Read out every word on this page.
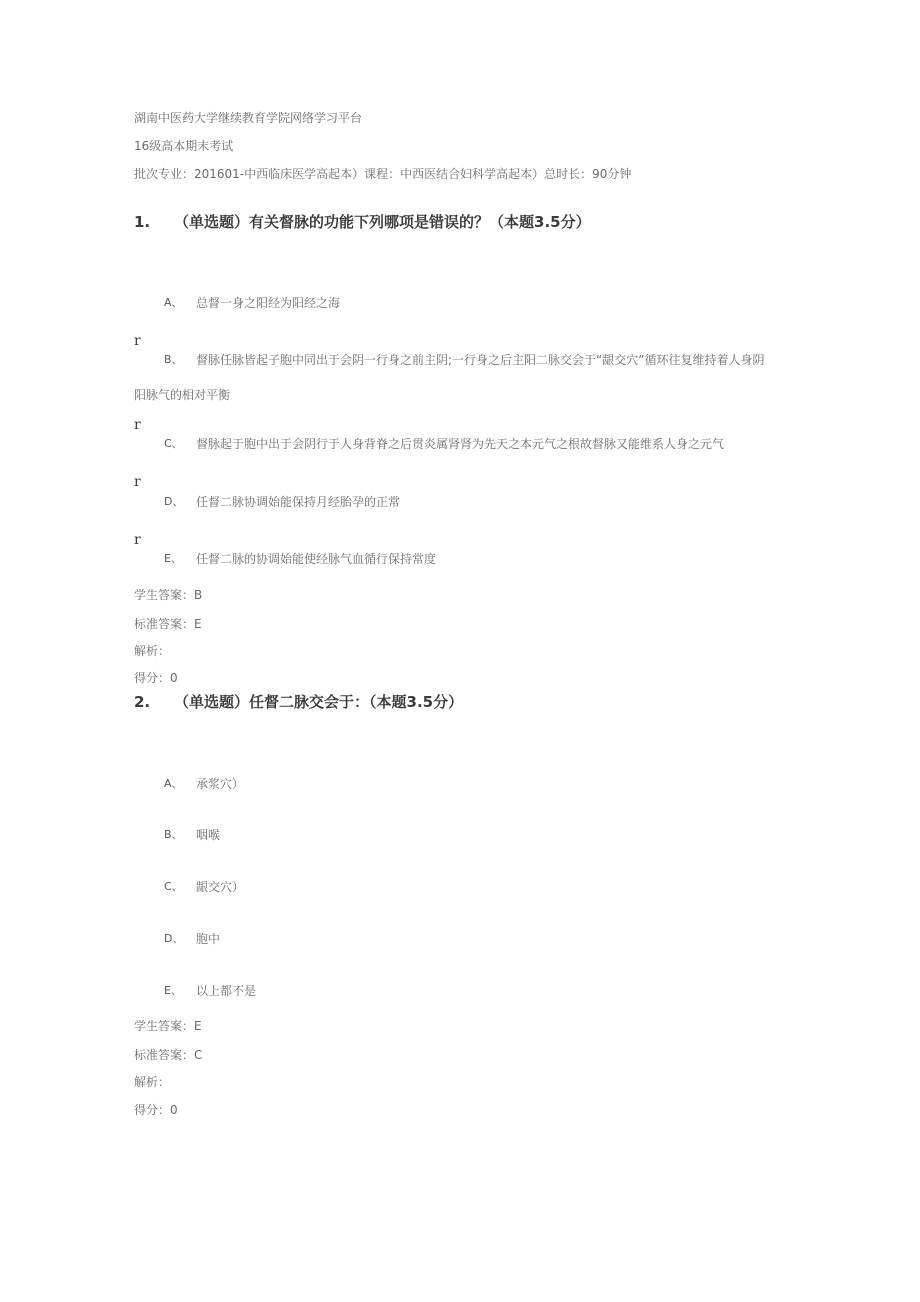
湖南中医药大学继续教育学院网络学习平台
16级高本期末考试
批次专业：201601-中西临床医学高起本）课程：中西医结合妇科学高起本）总时长：90分钟
1. （单选题）有关督脉的功能下列哪项是错误的？（本题3.5分）
A、 总督一身之阳经为阳经之海
r
B、 督脉任脉皆起子胞中同出于会阴一行身之前主阴;一行身之后主阳二脉交会于“龈交穴”循环往复维持着人身阴
阳脉气的相对平衡
r
C、 督脉起于胞中出于会阴行于人身背脊之后贯炎属肾肾为先天之本元气之根故督脉又能维系人身之元气
r
D、 任督二脉协调始能保持月经胎孕的正常
r
E、 任督二脉的协调始能使经脉气血循行保持常度
学生答案：B
标准答案：E
解析：
得分：0
2. （单选题）任督二脉交会于：（本题3.5分）
A、 承浆穴）
B、 咽喉
C、 龈交穴）
D、 胞中
E、 以上都不是
学生答案：E
标准答案：C
解析：
得分：0
